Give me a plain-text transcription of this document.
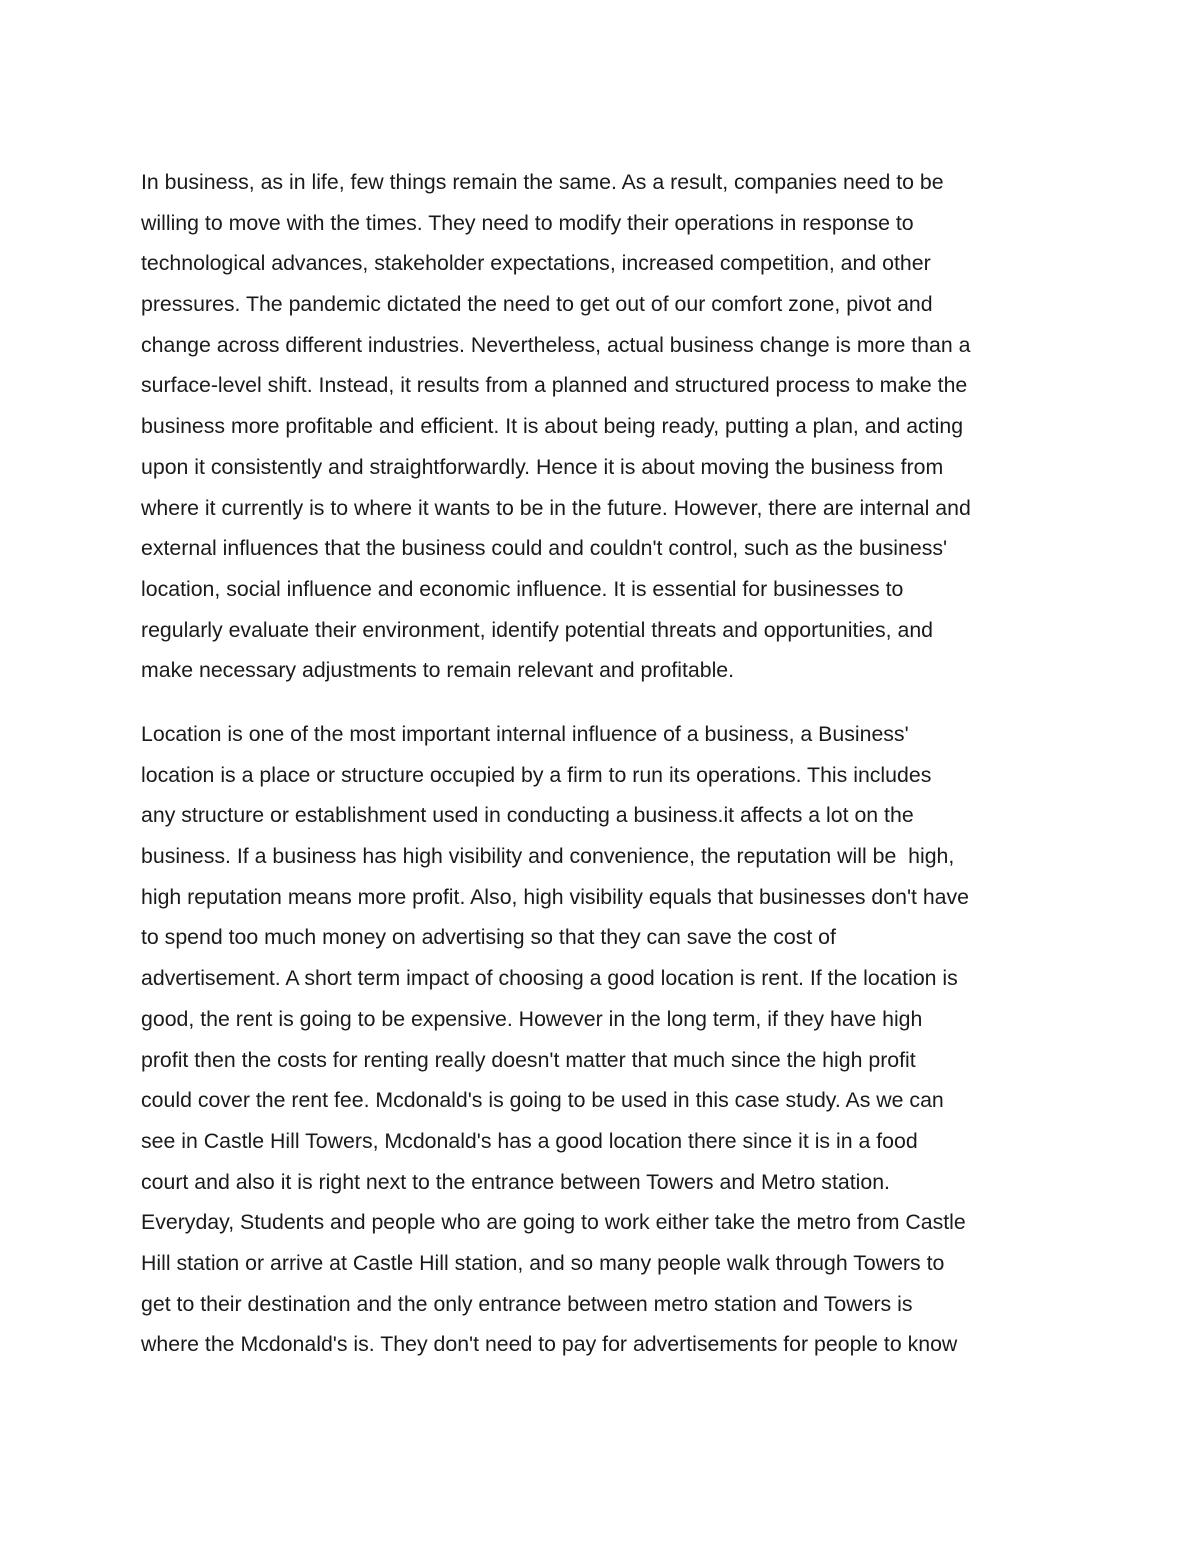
In business, as in life, few things remain the same. As a result, companies need to be
willing to move with the times. They need to modify their operations in response to
technological advances, stakeholder expectations, increased competition, and other
pressures. The pandemic dictated the need to get out of our comfort zone, pivot and
change across different industries. Nevertheless, actual business change is more than a
surface-level shift. Instead, it results from a planned and structured process to make the
business more profitable and efficient. It is about being ready, putting a plan, and acting
upon it consistently and straightforwardly. Hence it is about moving the business from
where it currently is to where it wants to be in the future. However, there are internal and
external influences that the business could and couldn't control, such as the business'
location, social influence and economic influence. It is essential for businesses to
regularly evaluate their environment, identify potential threats and opportunities, and
make necessary adjustments to remain relevant and profitable.
Location is one of the most important internal influence of a business, a Business'
location is a place or structure occupied by a firm to run its operations. This includes
any structure or establishment used in conducting a business.it affects a lot on the
business. If a business has high visibility and convenience, the reputation will be  high,
high reputation means more profit. Also, high visibility equals that businesses don't have
to spend too much money on advertising so that they can save the cost of
advertisement. A short term impact of choosing a good location is rent. If the location is
good, the rent is going to be expensive. However in the long term, if they have high
profit then the costs for renting really doesn't matter that much since the high profit
could cover the rent fee. Mcdonald's is going to be used in this case study. As we can
see in Castle Hill Towers, Mcdonald's has a good location there since it is in a food
court and also it is right next to the entrance between Towers and Metro station.
Everyday, Students and people who are going to work either take the metro from Castle
Hill station or arrive at Castle Hill station, and so many people walk through Towers to
get to their destination and the only entrance between metro station and Towers is
where the Mcdonald's is. They don't need to pay for advertisements for people to know
